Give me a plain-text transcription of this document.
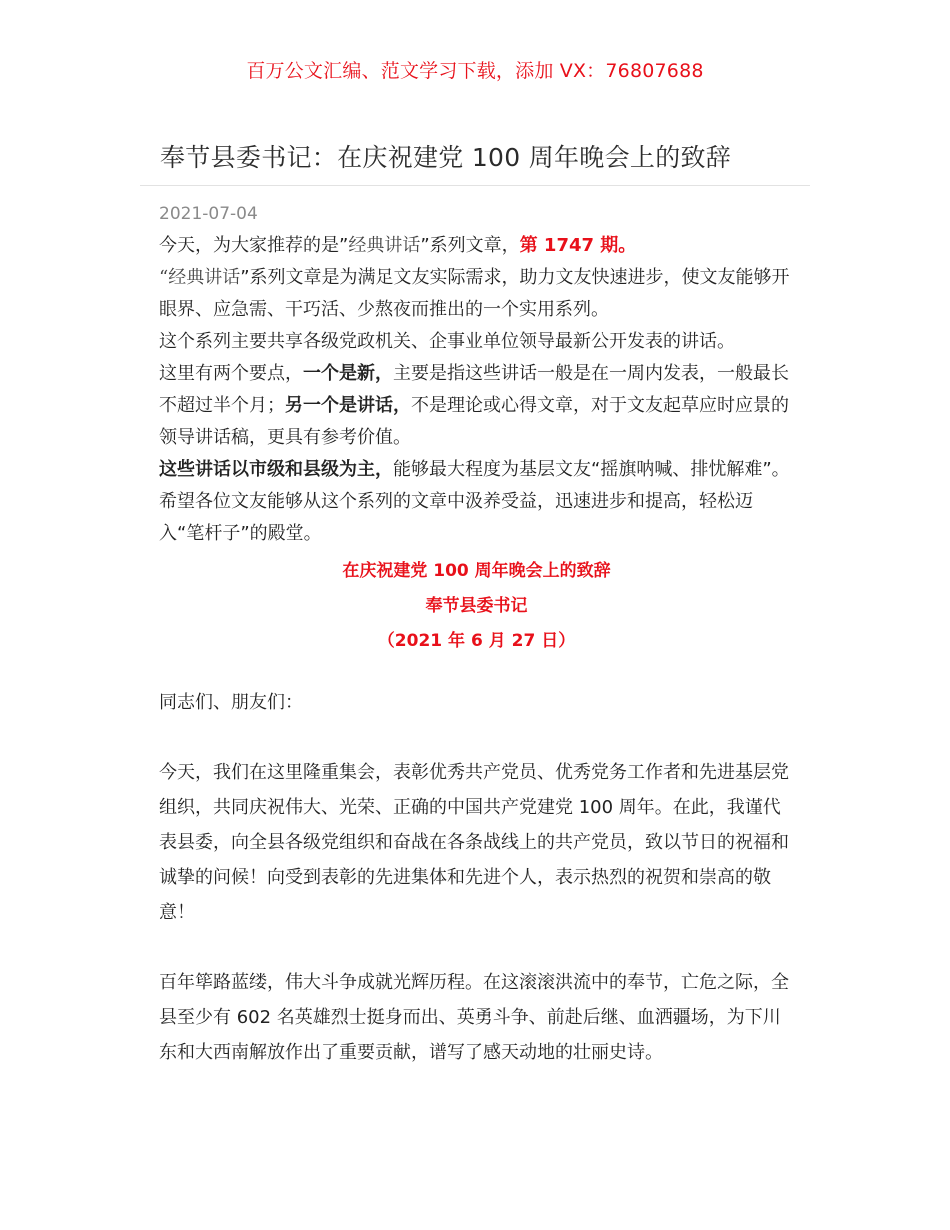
百万公文汇编、范文学习下载，添加 VX：76807688
奉节县委书记：在庆祝建党 100 周年晚会上的致辞
2021-07-04

今天，为大家推荐的是”经典讲话”系列文章，第 1747 期。

“经典讲话”系列文章是为满足文友实际需求，助力文友快速进步，使文友能够开眼界、应急需、干巧活、少熬夜而推出的一个实用系列。

这个系列主要共享各级党政机关、企事业单位领导最新公开发表的讲话。

这里有两个要点，一个是新，主要是指这些讲话一般是在一周内发表，一般最长不超过半个月；另一个是讲话，不是理论或心得文章，对于文友起草应时应景的领导讲话稿，更具有参考价值。

这些讲话以市级和县级为主，能够最大程度为基层文友“摇旗呐喊、排忧解难”。希望各位文友能够从这个系列的文章中汲养受益，迅速进步和提高，轻松迈入“笔杆子”的殿堂。

在庆祝建党 100 周年晚会上的致辞
奉节县委书记
（2021 年 6 月 27 日）

同志们、朋友们：

今天，我们在这里隆重集会，表彰优秀共产党员、优秀党务工作者和先进基层党组织，共同庆祝伟大、光荣、正确的中国共产党建党 100 周年。在此，我谨代表县委，向全县各级党组织和奋战在各条战线上的共产党员，致以节日的祝福和诚挚的问候！向受到表彰的先进集体和先进个人，表示热烈的祝贺和崇高的敬意！

百年筚路蓝缕，伟大斗争成就光辉历程。在这滚滚洪流中的奉节，亡危之际，全县至少有 602 名英雄烈士挺身而出、英勇斗争、前赴后继、血洒疆场，为下川东和大西南解放作出了重要贡献，谱写了感天动地的壮丽史诗。
